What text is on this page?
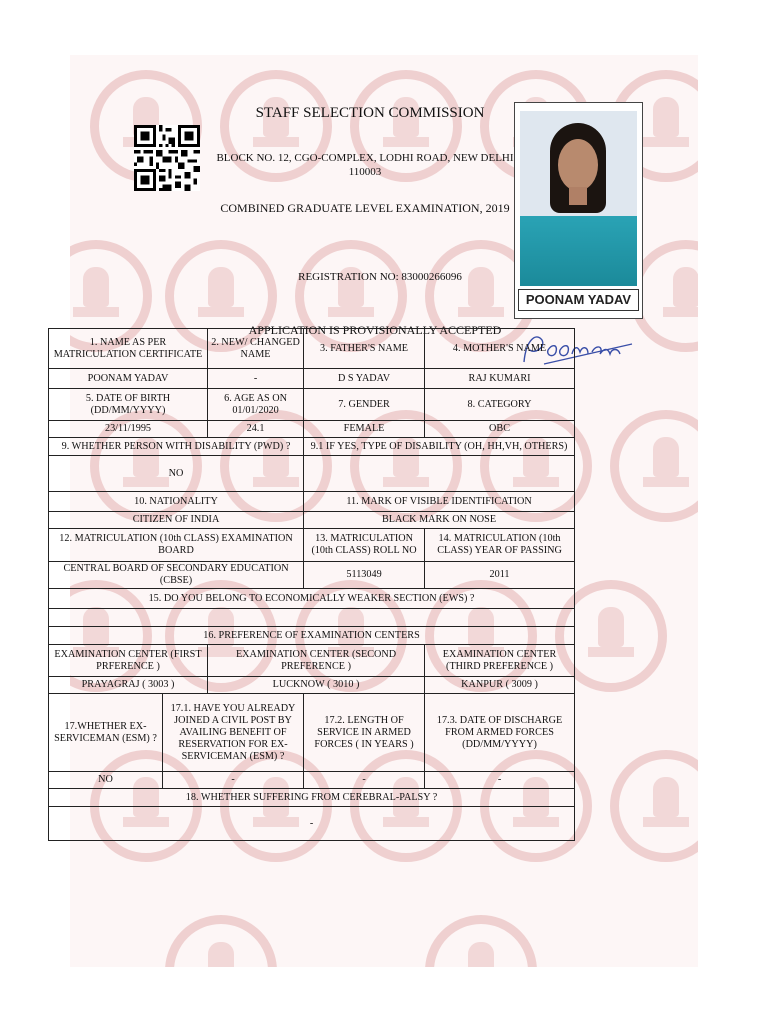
STAFF SELECTION COMMISSION
BLOCK NO. 12, CGO-COMPLEX, LODHI ROAD, NEW DELHI 110003
COMBINED GRADUATE LEVEL EXAMINATION, 2019
REGISTRATION NO: 83000266096
APPLICATION IS PROVISIONALLY ACCEPTED
POONAM YADAV
1. NAME AS PER MATRICULATION CERTIFICATE		2. NEW/ CHANGED NAME	3. FATHER'S NAME	4. MOTHER'S NAME
POONAM YADAV		-	D S YADAV	RAJ KUMARI
5. DATE OF BIRTH (DD/MM/YYYY)		6. AGE AS ON 01/01/2020	7. GENDER	8. CATEGORY
23/11/1995		24.1	FEMALE	OBC
9. WHETHER PERSON WITH DISABILITY (PWD) ?			9.1 IF YES, TYPE OF DISABILITY (OH, HH,VH, OTHERS)	
NO				
10. NATIONALITY			11. MARK OF VISIBLE IDENTIFICATION	
CITIZEN OF INDIA			BLACK MARK ON NOSE	
12. MATRICULATION (10th CLASS) EXAMINATION BOARD			13. MATRICULATION (10th CLASS) ROLL NO	14. MATRICULATION (10th CLASS) YEAR OF PASSING
CENTRAL BOARD OF SECONDARY EDUCATION (CBSE)			5113049	2011
15. DO YOU BELONG TO ECONOMICALLY WEAKER SECTION (EWS) ?				

16. PREFERENCE OF EXAMINATION CENTERS				
EXAMINATION CENTER (FIRST PRFERENCE )		EXAMINATION CENTER (SECOND PREFERENCE )		EXAMINATION CENTER (THIRD PREFERENCE )
PRAYAGRAJ ( 3003 )		LUCKNOW ( 3010 )		KANPUR ( 3009 )
17.WHETHER EX-SERVICEMAN (ESM) ?	17.1. HAVE YOU ALREADY JOINED A CIVIL POST BY AVAILING BENEFIT OF RESERVATION FOR EX-SERVICEMAN (ESM) ?		17.2. LENGTH OF SERVICE IN ARMED FORCES ( IN YEARS )	17.3. DATE OF DISCHARGE FROM ARMED FORCES (DD/MM/YYYY)
NO	-		-	-
18. WHETHER SUFFERING FROM CEREBRAL-PALSY ?				
-				
